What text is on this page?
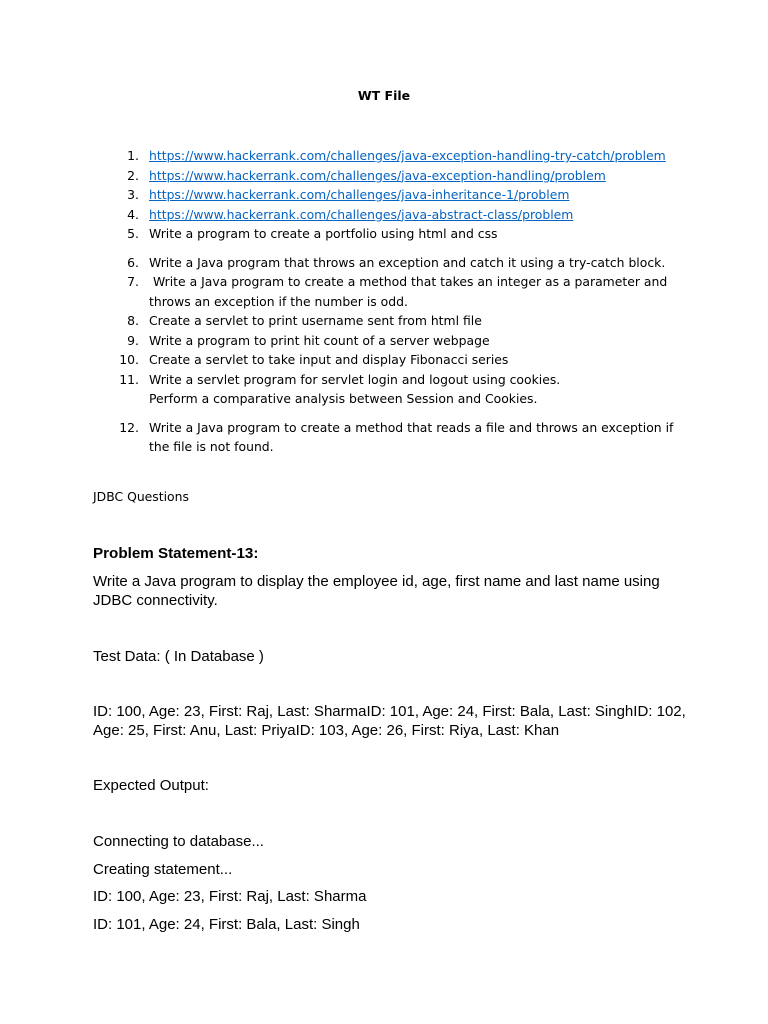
WT File
1. https://www.hackerrank.com/challenges/java-exception-handling-try-catch/problem
2. https://www.hackerrank.com/challenges/java-exception-handling/problem
3. https://www.hackerrank.com/challenges/java-inheritance-1/problem
4. https://www.hackerrank.com/challenges/java-abstract-class/problem
5. Write a program to create a portfolio using html and css
6. Write a Java program that throws an exception and catch it using a try-catch block.
7. Write a Java program to create a method that takes an integer as a parameter and
throws an exception if the number is odd.
8. Create a servlet to print username sent from html file
9. Write a program to print hit count of a server webpage
10. Create a servlet to take input and display Fibonacci series
11. Write a servlet program for servlet login and logout using cookies.
Perform a comparative analysis between Session and Cookies.
12. Write a Java program to create a method that reads a file and throws an exception if
the file is not found.
JDBC Questions
Problem Statement-13:
Write a Java program to display the employee id, age, first name and last name using JDBC connectivity.
Test Data: ( In Database )
ID: 100, Age: 23, First: Raj, Last: SharmaID: 101, Age: 24, First: Bala, Last: SinghID: 102, Age: 25, First: Anu, Last: PriyaID: 103, Age: 26, First: Riya, Last: Khan
Expected Output:
Connecting to database...
Creating statement...
ID: 100, Age: 23, First: Raj, Last: Sharma
ID: 101, Age: 24, First: Bala, Last: Singh
